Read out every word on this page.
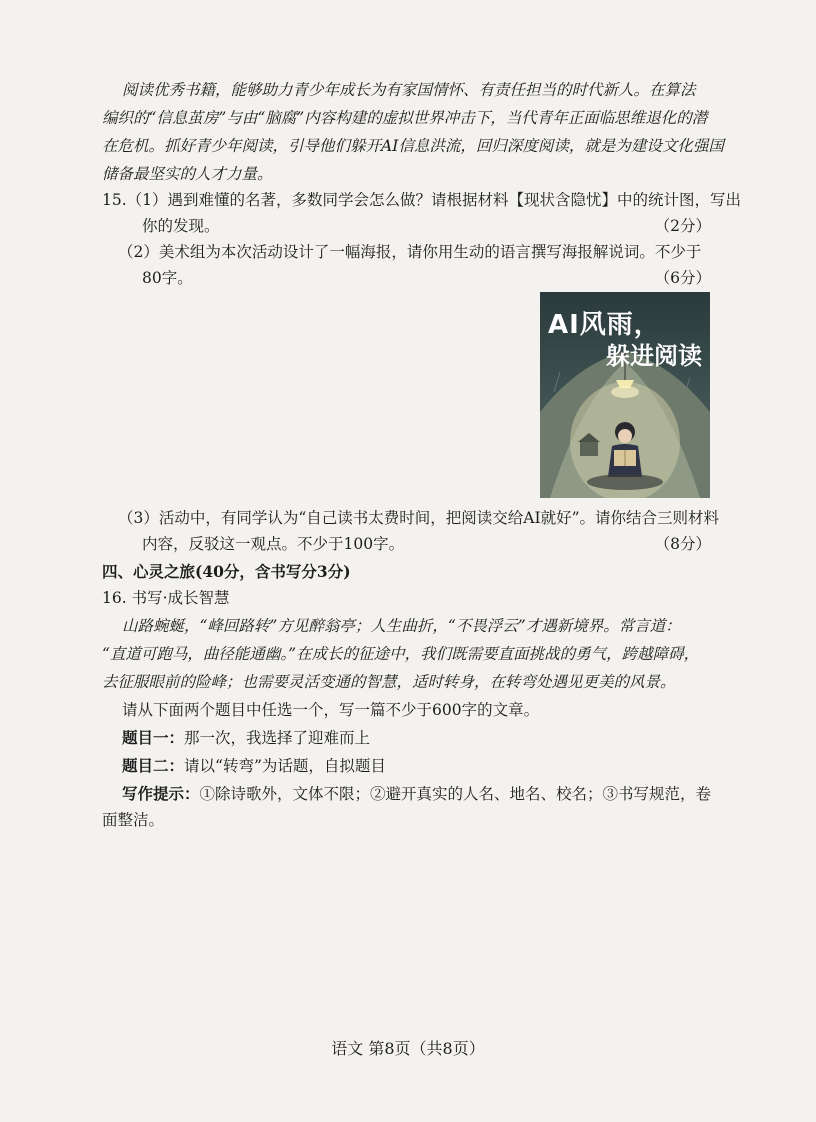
阅读优秀书籍，能够助力青少年成长为有家国情怀、有责任担当的时代新人。在算法
编织的“信息茧房”与由“脑腐”内容构建的虚拟世界冲击下，当代青年正面临思维退化的潜
在危机。抓好青少年阅读，引导他们躲开AI信息洪流，回归深度阅读，就是为建设文化强国
储备最坚实的人才力量。
15.（1）遇到难懂的名著，多数同学会怎么做？请根据材料【现状含隐忧】中的统计图，写出
你的发现。	（2分）
（2）美术组为本次活动设计了一幅海报，请你用生动的语言撰写海报解说词。不少于
80字。	（6分）
AI风雨，
躲进阅读
（3）活动中，有同学认为“自己读书太费时间，把阅读交给AI就好”。请你结合三则材料
内容，反驳这一观点。不少于100字。	（8分）
四、心灵之旅(40分，含书写分3分)
16. 书写·成长智慧
山路蜿蜒，“峰回路转”方见醉翁亭；人生曲折，“不畏浮云”才遇新境界。常言道：
“直道可跑马，曲径能通幽。”在成长的征途中，我们既需要直面挑战的勇气，跨越障碍，
去征服眼前的险峰；也需要灵活变通的智慧，适时转身，在转弯处遇见更美的风景。
请从下面两个题目中任选一个，写一篇不少于600字的文章。
题目一：那一次，我选择了迎难而上
题目二：请以“转弯”为话题，自拟题目
写作提示：①除诗歌外，文体不限；②避开真实的人名、地名、校名；③书写规范，卷
面整洁。
语文 第8页（共8页）
